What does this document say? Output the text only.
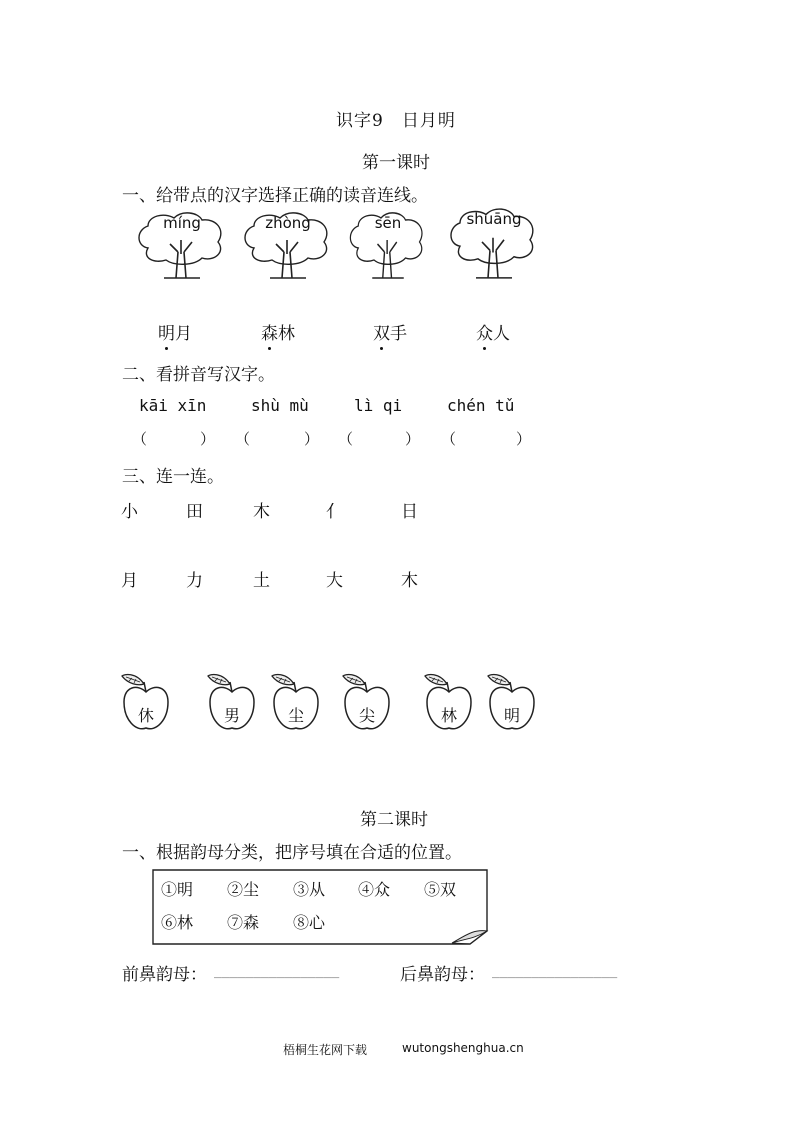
识字9　日月明
第一课时
一、给带点的汉字选择正确的读音连线。
míng	zhòng	sēn	shuāng
明月	森林	双手	众人
二、看拼音写汉字。
kāi xīn	shù mù	lì qi	chén tǔ
（	） （	） （	） （	）
三、连一连。
小	田	木	亻	日
月	力	土	大	木
休	男	尘	尖	林	明
第二课时
一、根据韵母分类，把序号填在合适的位置。
①明 ②尘 ③从 ④众 ⑤双
⑥林 ⑦森 ⑧心
前鼻韵母： ________________	后鼻韵母： ________________
梧桐生花网下载	wutongshenghua.cn
